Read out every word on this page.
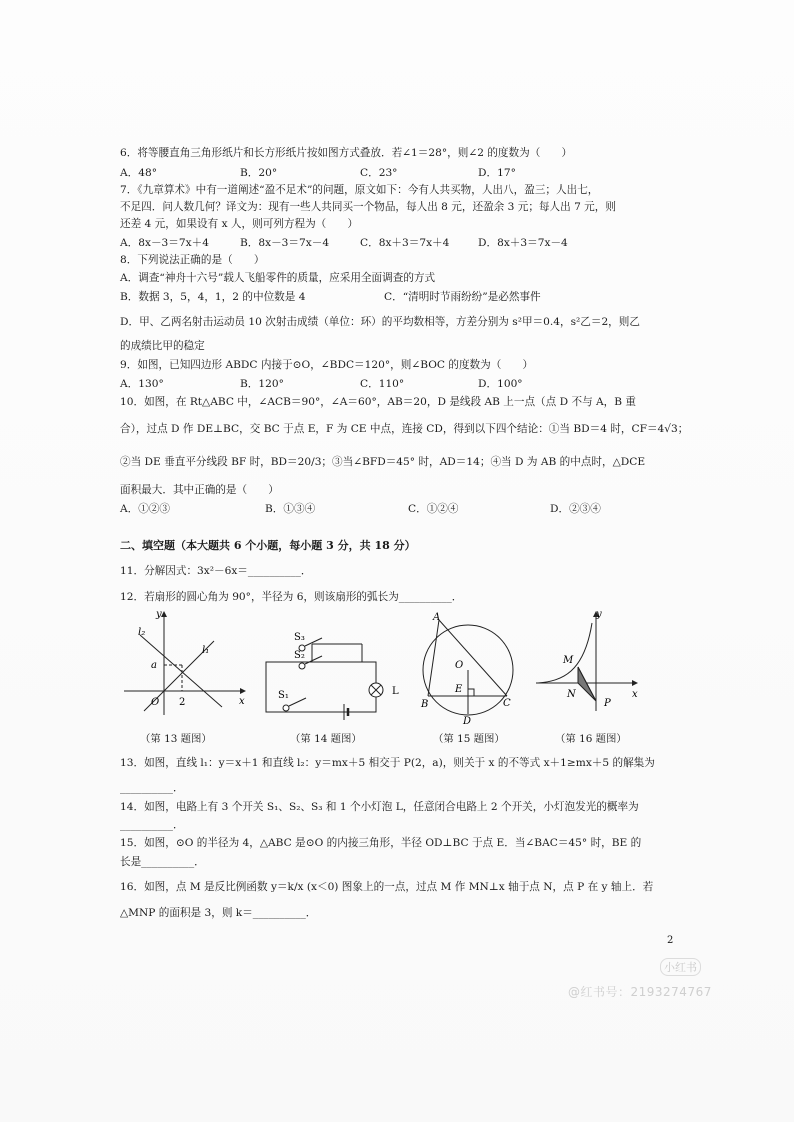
6．将等腰直角三角形纸片和长方形纸片按如图方式叠放．若∠1＝28°，则∠2 的度数为（　　）
A．48°	B．20°	C．23°	D．17°
7．《九章算术》中有一道阐述“盈不足术”的问题，原文如下：今有人共买物，人出八，盈三；人出七，
不足四．问人数几何？译文为：现有一些人共同买一个物品，每人出 8 元，还盈余 3 元；每人出 7 元，则
还差 4 元，如果设有 x 人，则可列方程为（　　）
A．8x－3＝7x＋4	B．8x－3＝7x－4	C．8x＋3＝7x＋4	D．8x＋3＝7x－4
8．下列说法正确的是（　　）
A．调查“神舟十六号”载人飞船零件的质量，应采用全面调查的方式
B．数据 3，5，4，1，2 的中位数是 4	C．“清明时节雨纷纷”是必然事件
D．甲、乙两名射击运动员 10 次射击成绩（单位：环）的平均数相等，方差分别为 s²甲＝0.4，s²乙＝2，则乙
的成绩比甲的稳定
9．如图，已知四边形 ABDC 内接于⊙O，∠BDC＝120°，则∠BOC 的度数为（　　）
A．130°	B．120°	C．110°	D．100°
10．如图，在 Rt△ABC 中，∠ACB＝90°，∠A＝60°，AB＝20，D 是线段 AB 上一点（点 D 不与 A，B 重
合），过点 D 作 DE⊥BC，交 BC 于点 E，F 为 CE 中点，连接 CD，得到以下四个结论：①当 BD＝4 时，CF＝4√3；
②当 DE 垂直平分线段 BF 时，BD＝20/3；③当∠BFD＝45° 时，AD＝14；④当 D 为 AB 的中点时，△DCE
面积最大．其中正确的是（　　）
A．①②③	B．①③④	C．①②④	D．②③④
二、填空题（本大题共 6 个小题，每小题 3 分，共 18 分）
11．分解因式：3x²－6x＝__________．
12．若扇形的圆心角为 90°，半径为 6，则该扇形的弧长为__________．
y
x
l₂
l₁
a
O 2
（第 13 题图）
S₃
S₂
S₁	L
（第 14 题图）
A
O
E
B	C
D
（第 15 题图）
y
x
M
N
P
（第 16 题图）
13．如图，直线 l₁：y＝x＋1 和直线 l₂：y＝mx＋5 相交于 P(2，a)，则关于 x 的不等式 x＋1≥mx＋5 的解集为
__________．
14．如图，电路上有 3 个开关 S₁、S₂、S₃ 和 1 个小灯泡 L，任意闭合电路上 2 个开关，小灯泡发光的概率为
__________．
15．如图，⊙O 的半径为 4，△ABC 是⊙O 的内接三角形，半径 OD⊥BC 于点 E．当∠BAC＝45° 时，BE 的
长是__________．
16．如图，点 M 是反比例函数 y＝k/x (x＜0) 图象上的一点，过点 M 作 MN⊥x 轴于点 N，点 P 在 y 轴上．若
△MNP 的面积是 3，则 k＝__________．
2
小红书
@红书号：2193274767
